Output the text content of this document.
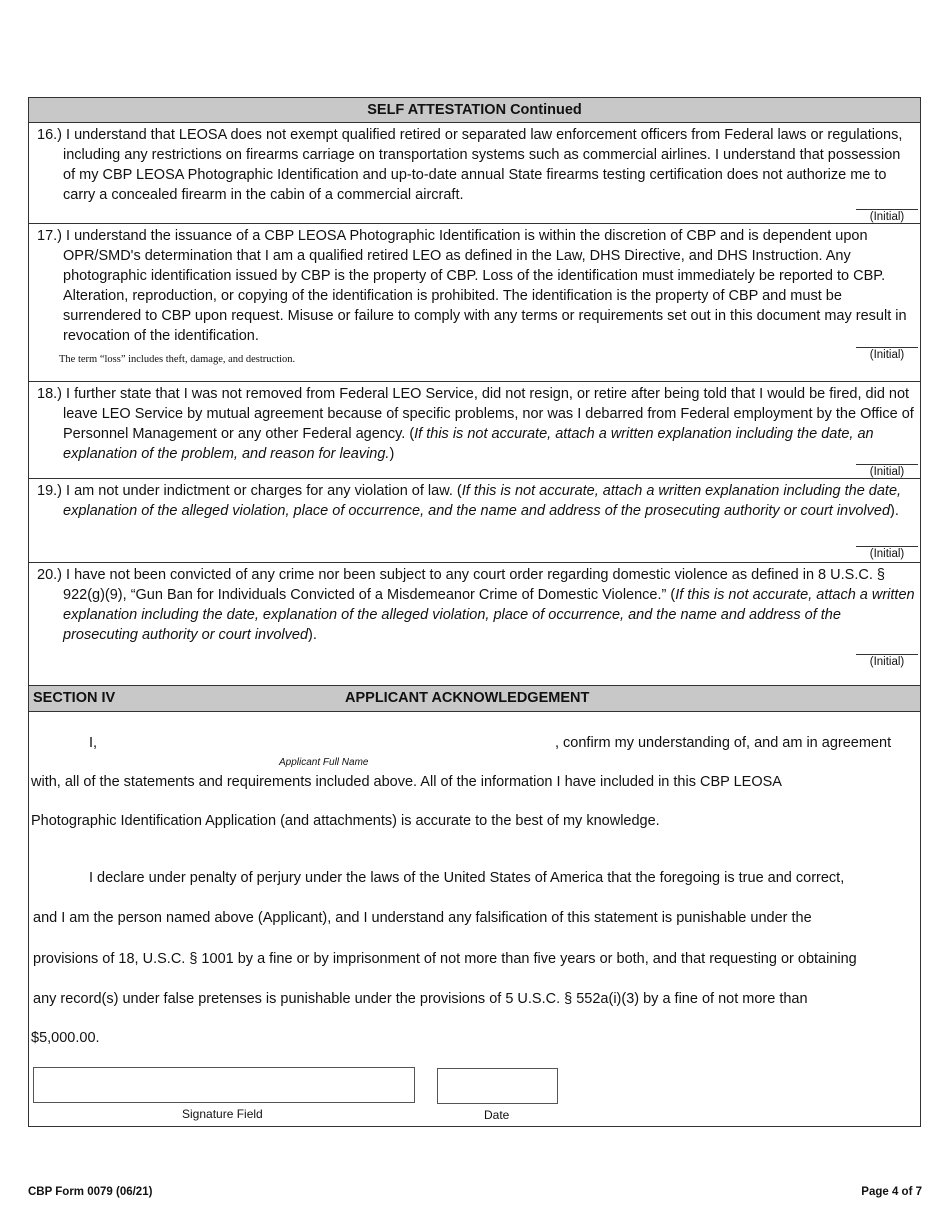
SELF ATTESTATION Continued

16.) I understand that LEOSA does not exempt qualified retired or separated law enforcement officers from Federal laws or regulations, including any restrictions on firearms carriage on transportation systems such as commercial airlines. I understand that possession of my CBP LEOSA Photographic Identification and up-to-date annual State firearms testing certification does not authorize me to carry a concealed firearm in the cabin of a commercial aircraft.

(Initial)

17.) I understand the issuance of a CBP LEOSA Photographic Identification is within the discretion of CBP and is dependent upon OPR/SMD's determination that I am a qualified retired LEO as defined in the Law, DHS Directive, and DHS Instruction. Any photographic identification issued by CBP is the property of CBP. Loss of the identification must immediately be reported to CBP. Alteration, reproduction, or copying of the identification is prohibited. The identification is the property of CBP and must be surrendered to CBP upon request. Misuse or failure to comply with any terms or requirements set out in this document may result in revocation of the identification.

The term “loss” includes theft, damage, and destruction.	(Initial)

18.) I further state that I was not removed from Federal LEO Service, did not resign, or retire after being told that I would be fired, did not leave LEO Service by mutual agreement because of specific problems, nor was I debarred from Federal employment by the Office of Personnel Management or any other Federal agency. (If this is not accurate, attach a written explanation including the date, an explanation of the problem, and reason for leaving.)

(Initial)

19.) I am not under indictment or charges for any violation of law. (If this is not accurate, attach a written explanation including the date, explanation of the alleged violation, place of occurrence, and the name and address of the prosecuting authority or court involved).

(Initial)

20.) I have not been convicted of any crime nor been subject to any court order regarding domestic violence as defined in 8 U.S.C. § 922(g)(9), “Gun Ban for Individuals Convicted of a Misdemeanor Crime of Domestic Violence.” (If this is not accurate, attach a written explanation including the date, explanation of the alleged violation, place of occurrence, and the name and address of the prosecuting authority or court involved).

(Initial)
SECTION IV	APPLICANT ACKNOWLEDGEMENT
I,	, confirm my understanding of, and am in agreement
Applicant Full Name
with, all of the statements and requirements included above. All of the information I have included in this CBP LEOSA
Photographic Identification Application (and attachments) is accurate to the best of my knowledge.
I declare under penalty of perjury under the laws of the United States of America that the foregoing is true and correct,
and I am the person named above (Applicant), and I understand any falsification of this statement is punishable under the
provisions of 18, U.S.C. § 1001 by a fine or by imprisonment of not more than five years or both, and that requesting or obtaining
any record(s) under false pretenses is punishable under the provisions of 5 U.S.C. § 552a(i)(3) by a fine of not more than
$5,000.00.
Signature Field	Date
CBP Form 0079 (06/21)	Page 4 of 7
